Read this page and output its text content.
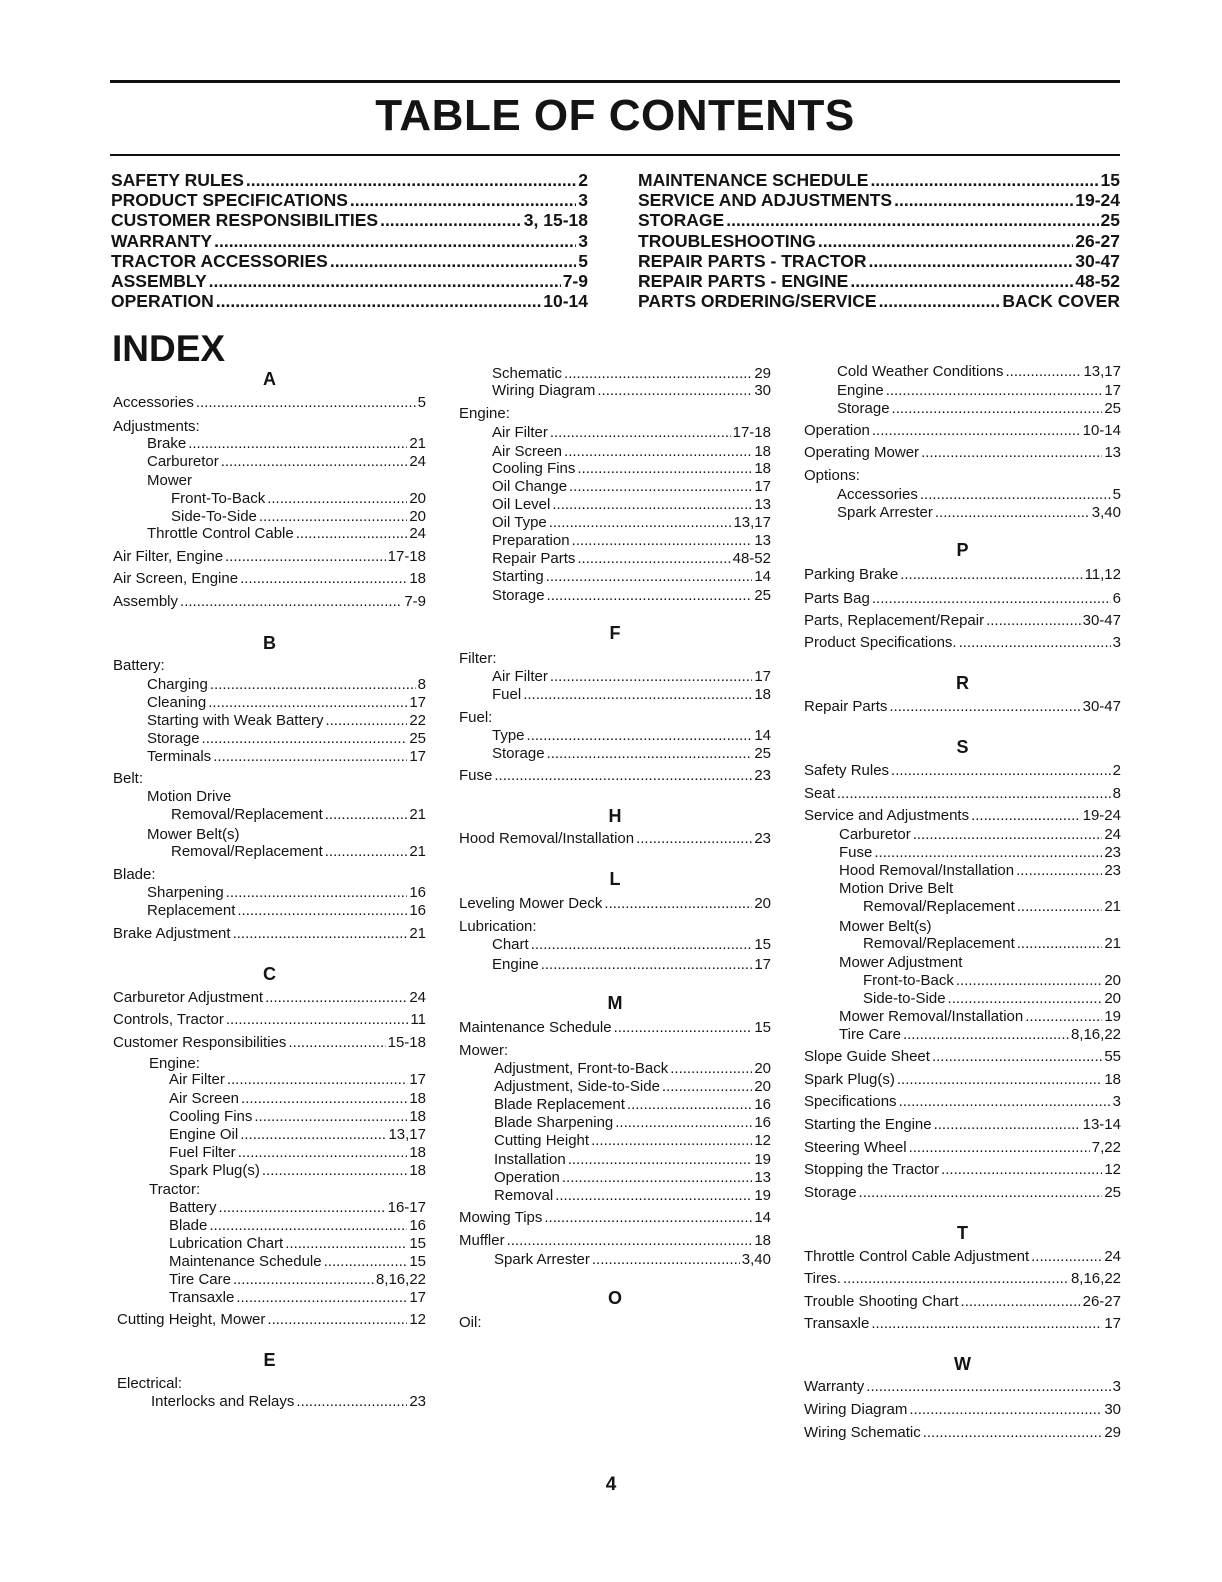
TABLE OF CONTENTS
SAFETY RULES .....	2
PRODUCT SPECIFICATIONS .....	3
CUSTOMER RESPONSIBILITIES .....	3, 15-18
WARRANTY .....	3
TRACTOR ACCESSORIES .....	5
ASSEMBLY .....	7-9
OPERATION .....	10-14
MAINTENANCE SCHEDULE .....	15
SERVICE AND ADJUSTMENTS .....	19-24
STORAGE .....	25
TROUBLESHOOTING .....	26-27
REPAIR PARTS - TRACTOR .....	30-47
REPAIR PARTS - ENGINE .....	48-52
PARTS ORDERING/SERVICE .....	BACK COVER
INDEX
A
Accessories .....	5
Adjustments:
Brake .....	21
Carburetor .....	24
Mower
Front-To-Back .....	20
Side-To-Side .....	20
Throttle Control Cable .....	24
Air Filter, Engine .....	17-18
Air Screen, Engine .....	18
Assembly .....	7-9
B
Battery:
Charging .....	8
Cleaning .....	17
Starting with Weak Battery .....	22
Storage .....	25
Terminals .....	17
Belt:
Motion Drive
Removal/Replacement .....	21
Mower Belt(s)
Removal/Replacement .....	21
Blade:
Sharpening .....	16
Replacement .....	16
Brake Adjustment .....	21
C
Carburetor Adjustment .....	24
Controls, Tractor .....	11
Customer Responsibilities .....	15-18
Engine:
Air Filter .....	17
Air Screen .....	18
Cooling Fins .....	18
Engine Oil .....	13,17
Fuel Filter .....	18
Spark Plug(s) .....	18
Tractor:
Battery .....	16-17
Blade .....	16
Lubrication Chart .....	15
Maintenance Schedule .....	15
Tire Care .....	8,16,22
Transaxle .....	17
Cutting Height, Mower .....	12
E
Electrical:
Interlocks and Relays .....	23
Schematic .....	29
Wiring Diagram .....	30
Engine:
Air Filter .....	17-18
Air Screen .....	18
Cooling Fins .....	18
Oil Change .....	17
Oil Level .....	13
Oil Type .....	13,17
Preparation .....	13
Repair Parts .....	48-52
Starting .....	14
Storage .....	25
F
Filter:
Air Filter .....	17
Fuel .....	18
Fuel:
Type .....	14
Storage .....	25
Fuse .....	23
H
Hood Removal/Installation .....	23
L
Leveling Mower Deck .....	20
Lubrication:
Chart .....	15
Engine .....	17
M
Maintenance Schedule .....	15
Mower:
Adjustment, Front-to-Back .....	20
Adjustment, Side-to-Side .....	20
Blade Replacement .....	16
Blade Sharpening .....	16
Cutting Height .....	12
Installation .....	19
Operation .....	13
Removal .....	19
Mowing Tips .....	14
Muffler .....	18
Spark Arrester .....	3,40
O
Oil:
Cold Weather Conditions .....	13,17
Engine .....	17
Storage .....	25
Operation .....	10-14
Operating Mower .....	13
Options:
Accessories .....	5
Spark Arrester .....	3,40
P
Parking Brake .....	11,12
Parts Bag .....	6
Parts, Replacement/Repair .....	30-47
Product Specifications. .....	3
R
Repair Parts .....	30-47
S
Safety Rules .....	2
Seat .....	8
Service and Adjustments .....	19-24
Carburetor .....	24
Fuse .....	23
Hood Removal/Installation .....	23
Motion Drive Belt
Removal/Replacement .....	21
Mower Belt(s)
Removal/Replacement .....	21
Mower Adjustment
Front-to-Back .....	20
Side-to-Side .....	20
Mower Removal/Installation .....	19
Tire Care .....	8,16,22
Slope Guide Sheet .....	55
Spark Plug(s) .....	18
Specifications .....	3
Starting the Engine .....	13-14
Steering Wheel .....	7,22
Stopping the Tractor .....	12
Storage .....	25
T
Throttle Control Cable Adjustment .....	24
Tires. .....	8,16,22
Trouble Shooting Chart .....	26-27
Transaxle .....	17
W
Warranty .....	3
Wiring Diagram .....	30
Wiring Schematic .....	29
4
